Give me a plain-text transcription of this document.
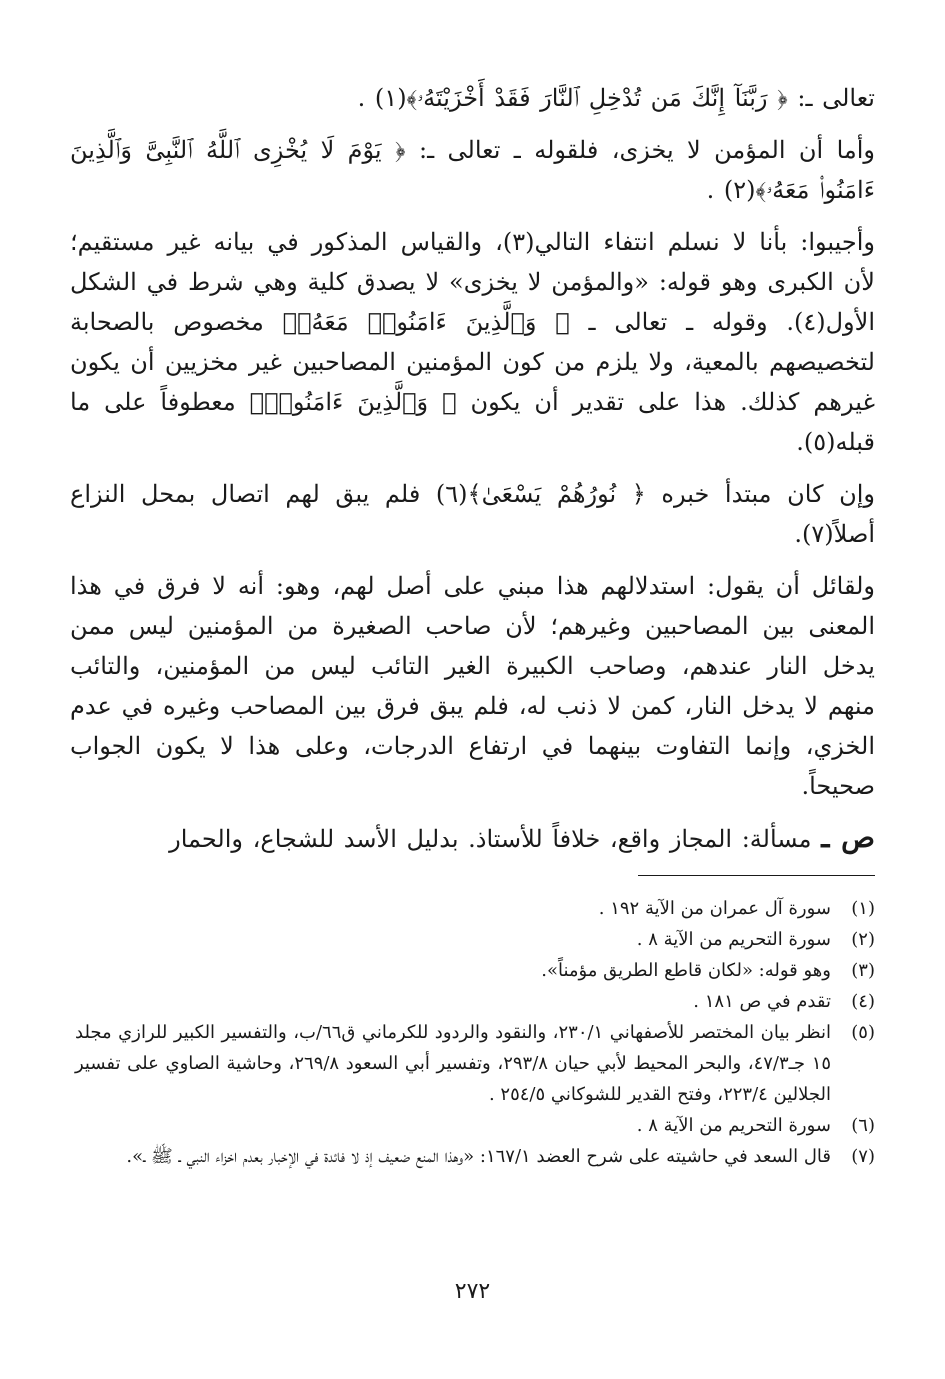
تعالى ـ: ﴿ رَبَّنَآ إِنَّكَ مَن تُدْخِلِ ٱلنَّارَ فَقَدْ أَخْزَيْتَهُۥ﴾(١) .

وأما أن المؤمن لا يخزى، فلقوله ـ تعالى ـ: ﴿ يَوْمَ لَا يُخْزِى ٱللَّهُ ٱلنَّبِىَّ وَٱلَّذِينَ ءَامَنُوا۟ مَعَهُۥ﴾(٢) .

وأجيبوا: بأنا لا نسلم انتفاء التالي(٣)، والقياس المذكور في بيانه غير مستقيم؛ لأن الكبرى وهو قوله: «والمؤمن لا يخزى» لا يصدق كلية وهي شرط في الشكل الأول(٤). وقوله ـ تعالى ـ ﴿ وَٱلَّذِينَ ءَامَنُوا۟ مَعَهُۥ﴾ مخصوص بالصحابة لتخصيصهم بالمعية، ولا يلزم من كون المؤمنين المصاحبين غير مخزيين أن يكون غيرهم كذلك. هذا على تقدير أن يكون ﴿ وَٱلَّذِينَ ءَامَنُوا۟﴾ معطوفاً على ما قبله(٥).

وإن كان مبتدأ خبره ﴿ نُورُهُمْ يَسْعَىٰ﴾(٦) فلم يبق لهم اتصال بمحل النزاع أصلاً(٧).

ولقائل أن يقول: استدلالهم هذا مبني على أصل لهم، وهو: أنه لا فرق في هذا المعنى بين المصاحبين وغيرهم؛ لأن صاحب الصغيرة من المؤمنين ليس ممن يدخل النار عندهم، وصاحب الكبيرة الغير التائب ليس من المؤمنين، والتائب منهم لا يدخل النار، كمن لا ذنب له، فلم يبق فرق بين المصاحب وغيره في عدم الخزي، وإنما التفاوت بينهما في ارتفاع الدرجات، وعلى هذا لا يكون الجواب صحيحاً.

ص ـ مسألة: المجاز واقع، خلافاً للأستاذ. بدليل الأسد للشجاع، والحمار

(١)
سورة آل عمران من الآية ١٩٢ .
(٢)
سورة التحريم من الآية ٨ .
(٣)
وهو قوله: «لكان قاطع الطريق مؤمناً».
(٤)
تقدم في ص ١٨١ .
(٥)
انظر بيان المختصر للأصفهاني ٢٣٠/١، والنقود والردود للكرماني ق٦٦/ب، والتفسير الكبير للرازي مجلد ١٥ جـ٤٧/٣، والبحر المحيط لأبي حيان ٢٩٣/٨، وتفسير أبي السعود ٢٦٩/٨، وحاشية الصاوي على تفسير الجلالين ٢٢٣/٤، وفتح القدير للشوكاني ٢٥٤/٥ .
(٦)
سورة التحريم من الآية ٨ .
(٧)
قال السعد في حاشيته على شرح العضد ١٦٧/١: «وهذا المنع ضعيف إذ لا فائدة في الإخبار بعدم اخزاء النبي ـ ﷺ ـ».
٢٧٢
